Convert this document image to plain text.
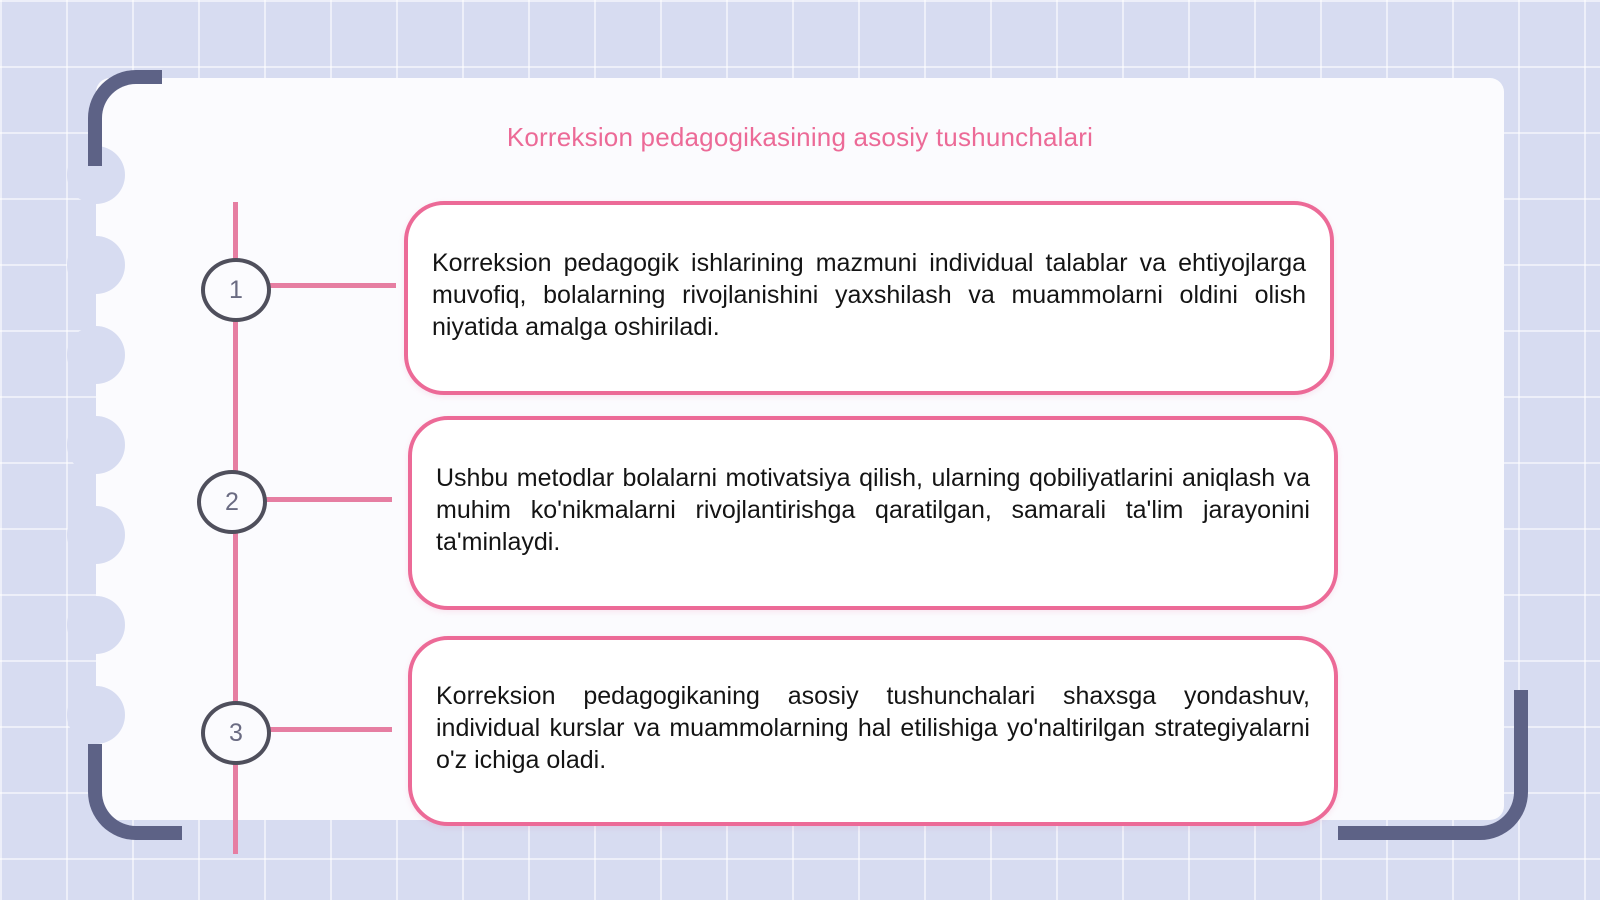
Korreksion pedagogikasining asosiy tushunchalari
1
2
3

Korreksion pedagogik ishlarining mazmuni individual talablar va ehtiyojlarga muvofiq, bolalarning rivojlanishini yaxshilash va muammolarni oldini olish niyatida amalga oshiriladi.

Ushbu metodlar bolalarni motivatsiya qilish, ularning qobiliyatlarini aniqlash va muhim ko'nikmalarni rivojlantirishga qaratilgan, samarali ta'lim jarayonini ta'minlaydi.

Korreksion pedagogikaning asosiy tushunchalari shaxsga yondashuv, individual kurslar va muammolarning hal etilishiga yo'naltirilgan strategiyalarni o'z ichiga oladi.
